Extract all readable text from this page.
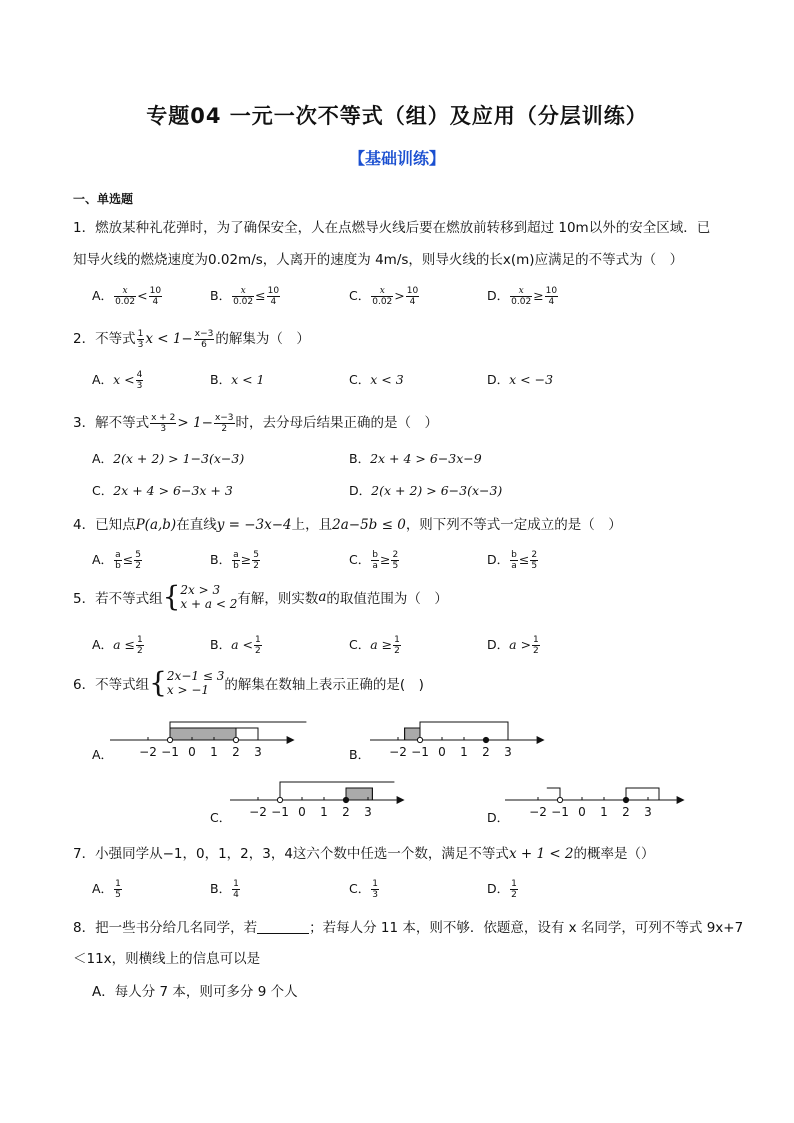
专题04 一元一次不等式（组）及应用（分层训练）
【基础训练】
一、单选题
1．燃放某种礼花弹时，为了确保安全，人在点燃导火线后要在燃放前转移到超过 10m以外的安全区域．已
知导火线的燃烧速度为0.02m/s，人离开的速度为 4m/s，则导火线的长x(m)应满足的不等式为（　）
2．不等式 $\frac{1}{3}$ $x < 1- \frac{x-3}{6}$ 的解集为（　）
3．解不等式 $\frac{x + 2}{3} > 1- \frac{x-3}{2}$ 时，去分母后结果正确的是（　）
4．已知点P(a,b)在直线y = −3x−4上，且2a−5b ≤ 0，则下列不等式一定成立的是（　）
5．若不等式组{ 2x > 3
x + a < 2 有解，则实数a的取值范围为（　）
6．不等式组{ 2x−1 ≤ 3
x > −1	的解集在数轴上表示正确的是(　)
7．小强同学从−1，0，1，2，3，4这六个数中任选一个数，满足不等式x + 1 < 2的概率是（）
8．把一些书分给几名同学，若	；若每人分 11 本，则不够．依题意，设有 x 名同学，可列不等式 9x+7
＜11x，则横线上的信息可以是
A．每人分 7 本，则可多分 9 个人
A． $\frac{x}{0.02} < \frac{10}{4}$	B． $\frac{x}{0.02} \le \frac{10}{4}$	C． $\frac{x}{0.02} > \frac{10}{4}$	D． $\frac{x}{0.02} \ge \frac{10}{4}$
A．$x < \frac{4}{3}$	B．x < 1	C．x < 3	D．x < −3
A．2(x + 2) > 1−3(x−3)	B．2x + 4 > 6−3x−9
C．2x + 4 > 6−3x + 3	D．2(x + 2) > 6−3(x−3)
A． $\frac{a}{b} \le \frac{5}{2}$	B． $\frac{a}{b} \ge \frac{5}{2}$	C． $\frac{b}{a} \ge \frac{2}{5}$	D． $\frac{b}{a} \le \frac{2}{5}$
A．$a \le \frac{1}{2}$	B．$a < \frac{1}{2}$	C．$a \ge \frac{1}{2}$	D．$a > \frac{1}{2}$
A． $\frac{1}{5}$	B． $\frac{1}{4}$	C． $\frac{1}{3}$	D． $\frac{1}{2}$
A． −2 −1 0 1 2 3	B． −2 −1 0 1 2 3
C． −2 −1 0 1 2 3	D． −2 −1 0 1 2 3
